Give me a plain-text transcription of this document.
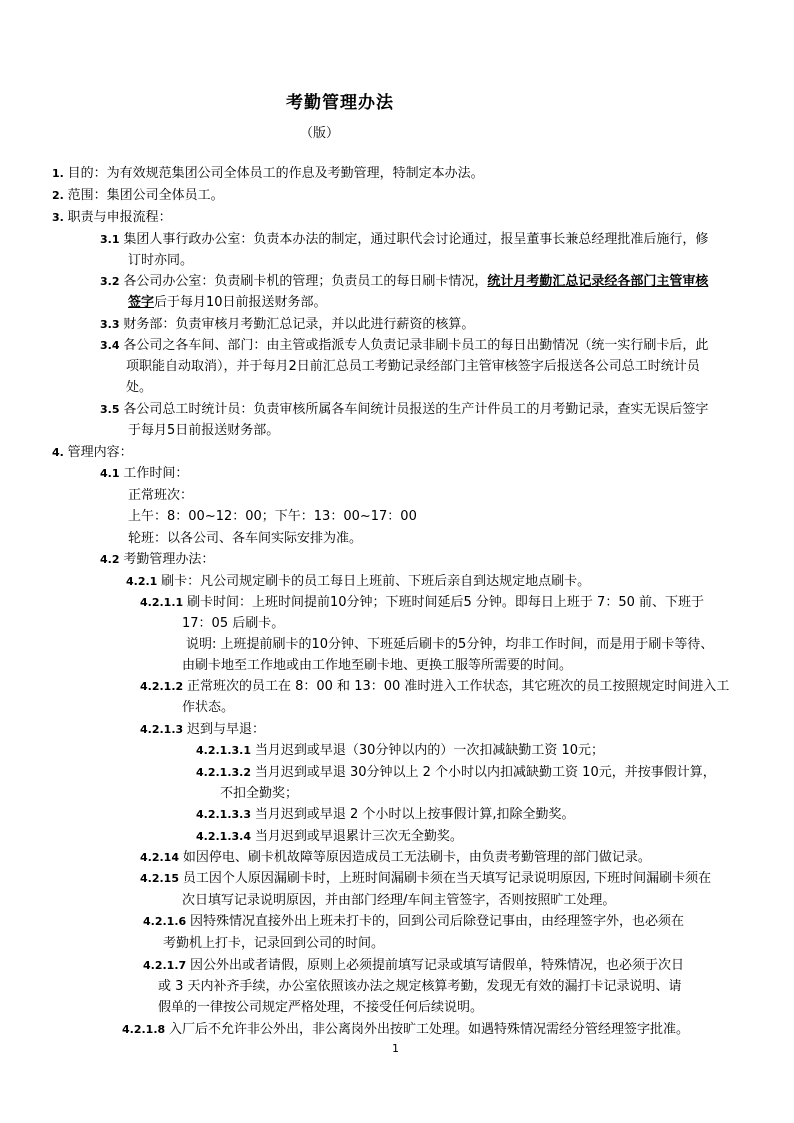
考勤管理办法
（版）
1. 目的：为有效规范集团公司全体员工的作息及考勤管理，特制定本办法。
2. 范围：集团公司全体员工。
3. 职责与申报流程：
3.1 集团人事行政办公室：负责本办法的制定，通过职代会讨论通过，报呈董事长兼总经理批准后施行，修
订时亦同。
3.2 各公司办公室：负责刷卡机的管理；负责员工的每日刷卡情况，统计月考勤汇总记录经各部门主管审核
签字后于每月10日前报送财务部。
3.3 财务部：负责审核月考勤汇总记录，并以此进行薪资的核算。
3.4 各公司之各车间、部门：由主管或指派专人负责记录非刷卡员工的每日出勤情况（统一实行刷卡后，此
项职能自动取消），并于每月2日前汇总员工考勤记录经部门主管审核签字后报送各公司总工时统计员
处。
3.5 各公司总工时统计员：负责审核所属各车间统计员报送的生产计件员工的月考勤记录，查实无误后签字
于每月5日前报送财务部。
4. 管理内容：
4.1 工作时间：
正常班次：
上午：8：00~12：00；下午：13：00~17：00
轮班：以各公司、各车间实际安排为准。
4.2 考勤管理办法：
4.2.1 刷卡：凡公司规定刷卡的员工每日上班前、下班后亲自到达规定地点刷卡。
4.2.1.1 刷卡时间：上班时间提前10分钟；下班时间延后5 分钟。即每日上班于 7：50 前、下班于
17：05 后刷卡。
说明: 上班提前刷卡的10分钟、下班延后刷卡的5分钟，均非工作时间，而是用于刷卡等待、
由刷卡地至工作地或由工作地至刷卡地、更换工服等所需要的时间。
4.2.1.2 正常班次的员工在 8：00 和 13：00 准时进入工作状态，其它班次的员工按照规定时间进入工
作状态。
4.2.1.3 迟到与早退：
4.2.1.3.1 当月迟到或早退（30分钟以内的）一次扣减缺勤工资 10元；
4.2.1.3.2 当月迟到或早退 30分钟以上 2 个小时以内扣减缺勤工资 10元，并按事假计算，
不扣全勤奖；
4.2.1.3.3 当月迟到或早退 2 个小时以上按事假计算,扣除全勤奖。
4.2.1.3.4 当月迟到或早退累计三次无全勤奖。
4.2.14 如因停电、刷卡机故障等原因造成员工无法刷卡，由负责考勤管理的部门做记录。
4.2.15 员工因个人原因漏刷卡时，上班时间漏刷卡须在当天填写记录说明原因, 下班时间漏刷卡须在
次日填写记录说明原因，并由部门经理/车间主管签字，否则按照旷工处理。
4.2.1.6 因特殊情况直接外出上班未打卡的，回到公司后除登记事由，由经理签字外，也必须在
考勤机上打卡，记录回到公司的时间。
4.2.1.7 因公外出或者请假，原则上必须提前填写记录或填写请假单，特殊情况，也必须于次日
或 3 天内补齐手续，办公室依照该办法之规定核算考勤，发现无有效的漏打卡记录说明、请
假单的一律按公司规定严格处理，不接受任何后续说明。
4.2.1.8 入厂后不允许非公外出，非公离岗外出按旷工处理。如遇特殊情况需经分管经理签字批准。
1
